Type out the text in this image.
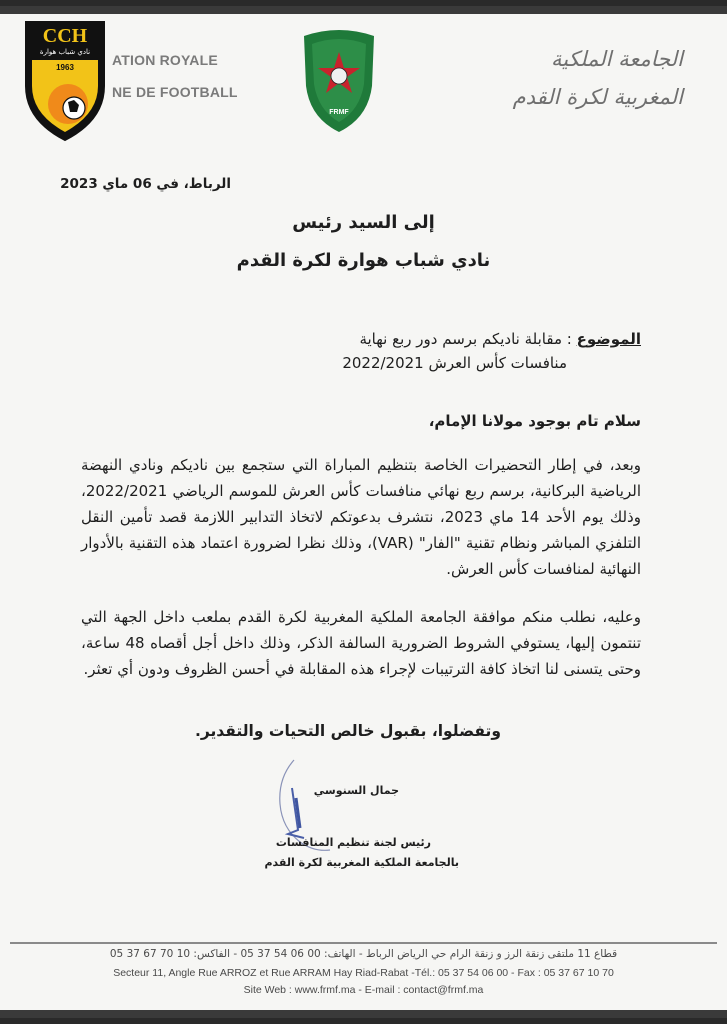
CCH
نادي شباب هوارة
1963	ATION ROYALE
NE DE FOOTBALL
FRMF
الجامعة الملكية
المغربية لكرة القدم
الرباط، في 06 ماي 2023
إلى السيد رئيس
نادي شباب هوارة لكرة القدم
الموضوع : مقابلة ناديكم برسم دور ربع نهاية
منافسات كأس العرش 2022/2021
سلام تام بوجود مولانا الإمام،
وبعد، في إطار التحضيرات الخاصة بتنظيم المباراة التي ستجمع بين ناديكم ونادي النهضة الرياضية البركانية، برسم ربع نهائي منافسات كأس العرش للموسم الرياضي 2022/2021، وذلك يوم الأحد 14 ماي 2023، نتشرف بدعوتكم لاتخاذ التدابير اللازمة قصد تأمين النقل التلفزي المباشر ونظام تقنية "الفار" (VAR)، وذلك نظرا لضرورة اعتماد هذه التقنية بالأدوار النهائية لمنافسات كأس العرش.
وعليه، نطلب منكم موافقة الجامعة الملكية المغربية لكرة القدم بملعب داخل الجهة التي تنتمون إليها، يستوفي الشروط الضرورية السالفة الذكر، وذلك داخل أجل أقصاه 48 ساعة، وحتى يتسنى لنا اتخاذ كافة الترتيبات لإجراء هذه المقابلة في أحسن الظروف ودون أي تعثر.
وتفضلوا، بقبول خالص التحيات والتقدير.
جمال السنوسي
رئيس لجنة تنظيم المنافسات
بالجامعة الملكية المغربية لكرة القدم
قطاع 11 ملتقى زنقة الرز و زنقة الرام حي الرياض الرباط - الهاتف: 00 06 54 37 05 - الفاكس: 10 70 67 37 05
Secteur 11, Angle Rue ARROZ et Rue ARRAM Hay Riad-Rabat -Tél.: 05 37 54 06 00 - Fax : 05 37 67 10 70
Site Web : www.frmf.ma - E-mail : contact@frmf.ma
